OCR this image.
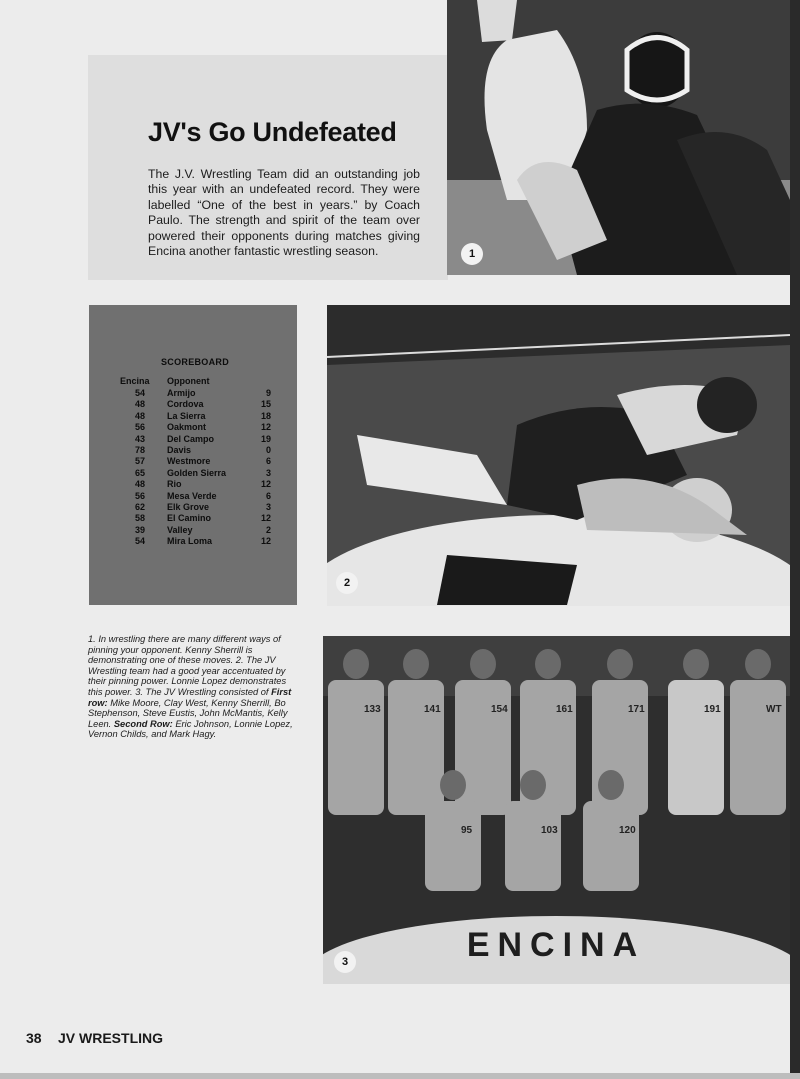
JV's Go Undefeated

The J.V. Wrestling Team did an outstanding job this year with an undefeated record. They were labelled “One of the best in years.” by Coach Paulo. The strength and spirit of the team over powered their opponents during matches giving Encina another fantastic wrestling season.	1
SCOREBOARD
Encina Opponent
54 Armijo	9
48 Cordova	15
48 La Sierra	18
56 Oakmont	12
43 Del Campo	19
78 Davis	0
57 Westmore	6
65 Golden Sierra	3
48 Rio	12
56 Mesa Verde	6
62 Elk Grove	3
58 El Camino	12
39 Valley	2
54 Mira Loma	12
2

1. In wrestling there are many different ways of pinning your opponent. Kenny Sherrill is demonstrating one of these moves. 2. The JV Wrestling team had a good year accentuated by their pinning power. Lonnie Lopez demonstrates this power. 3. The JV Wrestling consisted of First row: Mike Moore, Clay West, Kenny Sherrill, Bo Stephenson, Steve Eustis, John McMantis, Kelly Leen. Second Row: Eric Johnson, Lonnie Lopez, Vernon Childs, and Mark Hagy.

ENCINA
133	141	154	161	171	191	WT
95	103	120
3
38 JV WRESTLING
